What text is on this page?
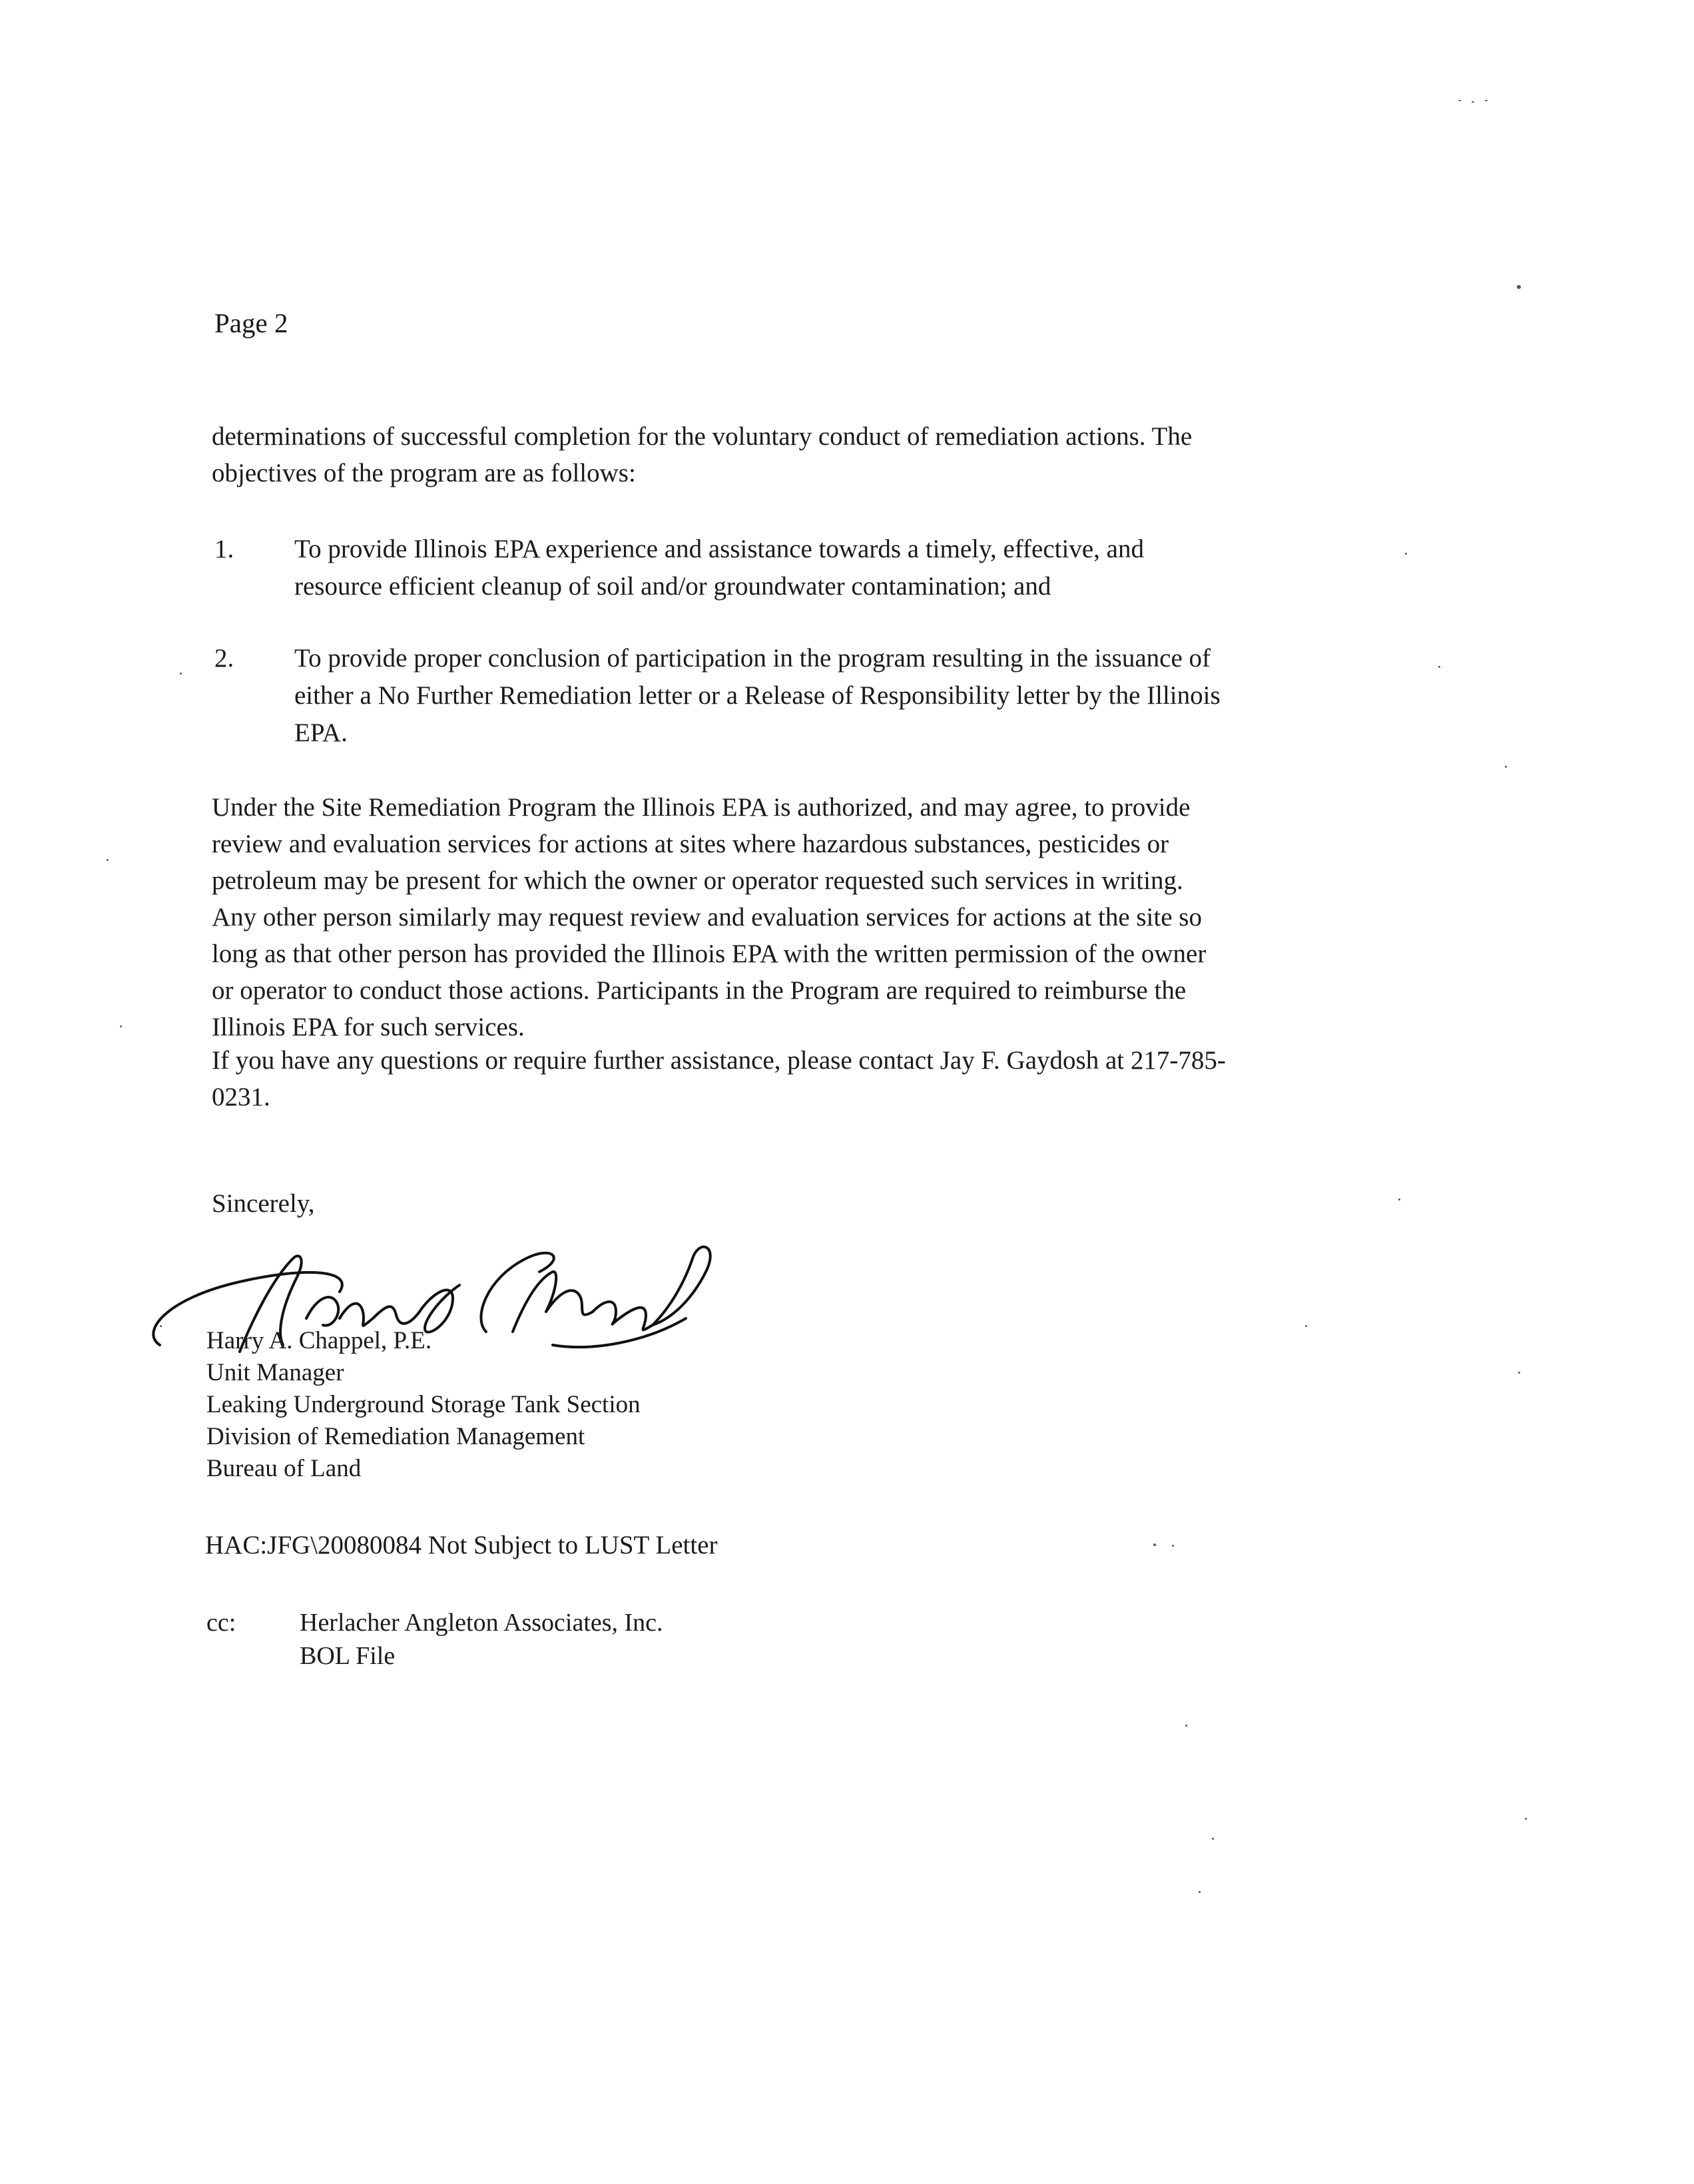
Page 2
determinations of successful completion for the voluntary conduct of remediation actions. The
objectives of the program are as follows:
1. To provide Illinois EPA experience and assistance towards a timely, effective, and
resource efficient cleanup of soil and/or groundwater contamination; and
2. To provide proper conclusion of participation in the program resulting in the issuance of
either a No Further Remediation letter or a Release of Responsibility letter by the Illinois
EPA.
Under the Site Remediation Program the Illinois EPA is authorized, and may agree, to provide
review and evaluation services for actions at sites where hazardous substances, pesticides or
petroleum may be present for which the owner or operator requested such services in writing.
Any other person similarly may request review and evaluation services for actions at the site so
long as that other person has provided the Illinois EPA with the written permission of the owner
or operator to conduct those actions. Participants in the Program are required to reimburse the
Illinois EPA for such services.
If you have any questions or require further assistance, please contact Jay F. Gaydosh at 217-785-
0231.
Sincerely,
Harry A. Chappel, P.E.
Unit Manager
Leaking Underground Storage Tank Section
Division of Remediation Management
Bureau of Land
HAC:JFG\20080084 Not Subject to LUST Letter
cc:	Herlacher Angleton Associates, Inc.
BOL File
